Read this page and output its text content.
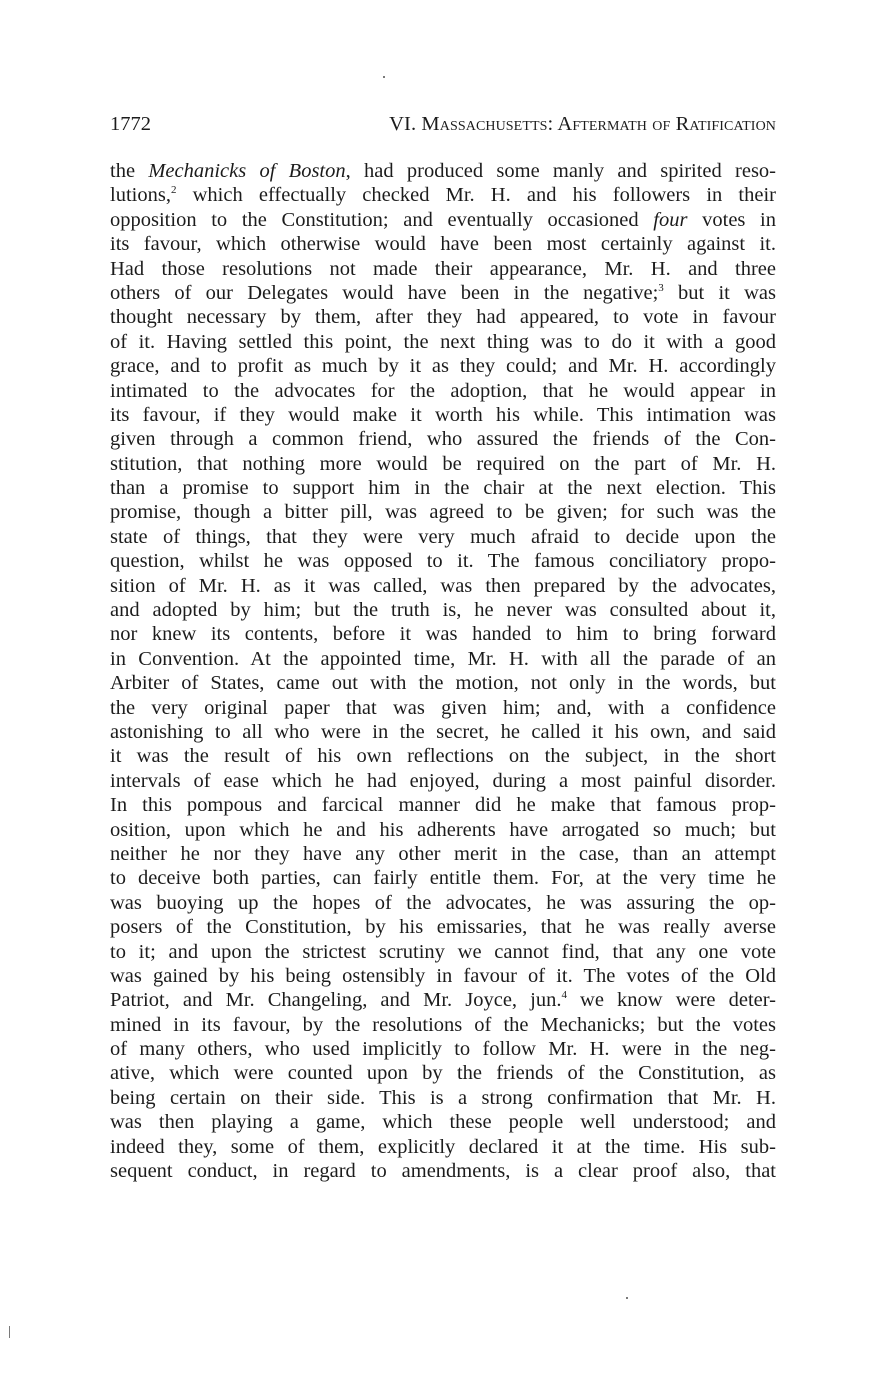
1772	VI. Massachusetts: Aftermath of Ratification
the Mechanicks of Boston, had produced some manly and spirited reso-
lutions,$^2$ which effectually checked Mr. H. and his followers in their
opposition to the Constitution; and eventually occasioned four votes in
its favour, which otherwise would have been most certainly against it.
Had those resolutions not made their appearance, Mr. H. and three
others of our Delegates would have been in the negative;$^3$ but it was
thought necessary by them, after they had appeared, to vote in favour
of it. Having settled this point, the next thing was to do it with a good
grace, and to profit as much by it as they could; and Mr. H. accordingly
intimated to the advocates for the adoption, that he would appear in
its favour, if they would make it worth his while. This intimation was
given through a common friend, who assured the friends of the Con-
stitution, that nothing more would be required on the part of Mr. H.
than a promise to support him in the chair at the next election. This
promise, though a bitter pill, was agreed to be given; for such was the
state of things, that they were very much afraid to decide upon the
question, whilst he was opposed to it. The famous conciliatory propo-
sition of Mr. H. as it was called, was then prepared by the advocates,
and adopted by him; but the truth is, he never was consulted about it,
nor knew its contents, before it was handed to him to bring forward
in Convention. At the appointed time, Mr. H. with all the parade of an
Arbiter of States, came out with the motion, not only in the words, but
the very original paper that was given him; and, with a confidence
astonishing to all who were in the secret, he called it his own, and said
it was the result of his own reflections on the subject, in the short
intervals of ease which he had enjoyed, during a most painful disorder.
In this pompous and farcical manner did he make that famous prop-
osition, upon which he and his adherents have arrogated so much; but
neither he nor they have any other merit in the case, than an attempt
to deceive both parties, can fairly entitle them. For, at the very time he
was buoying up the hopes of the advocates, he was assuring the op-
posers of the Constitution, by his emissaries, that he was really averse
to it; and upon the strictest scrutiny we cannot find, that any one vote
was gained by his being ostensibly in favour of it. The votes of the Old
Patriot, and Mr. Changeling, and Mr. Joyce, jun.$^4$ we know were deter-
mined in its favour, by the resolutions of the Mechanicks; but the votes
of many others, who used implicitly to follow Mr. H. were in the neg-
ative, which were counted upon by the friends of the Constitution, as
being certain on their side. This is a strong confirmation that Mr. H.
was then playing a game, which these people well understood; and
indeed they, some of them, explicitly declared it at the time. His sub-
sequent conduct, in regard to amendments, is a clear proof also, that
